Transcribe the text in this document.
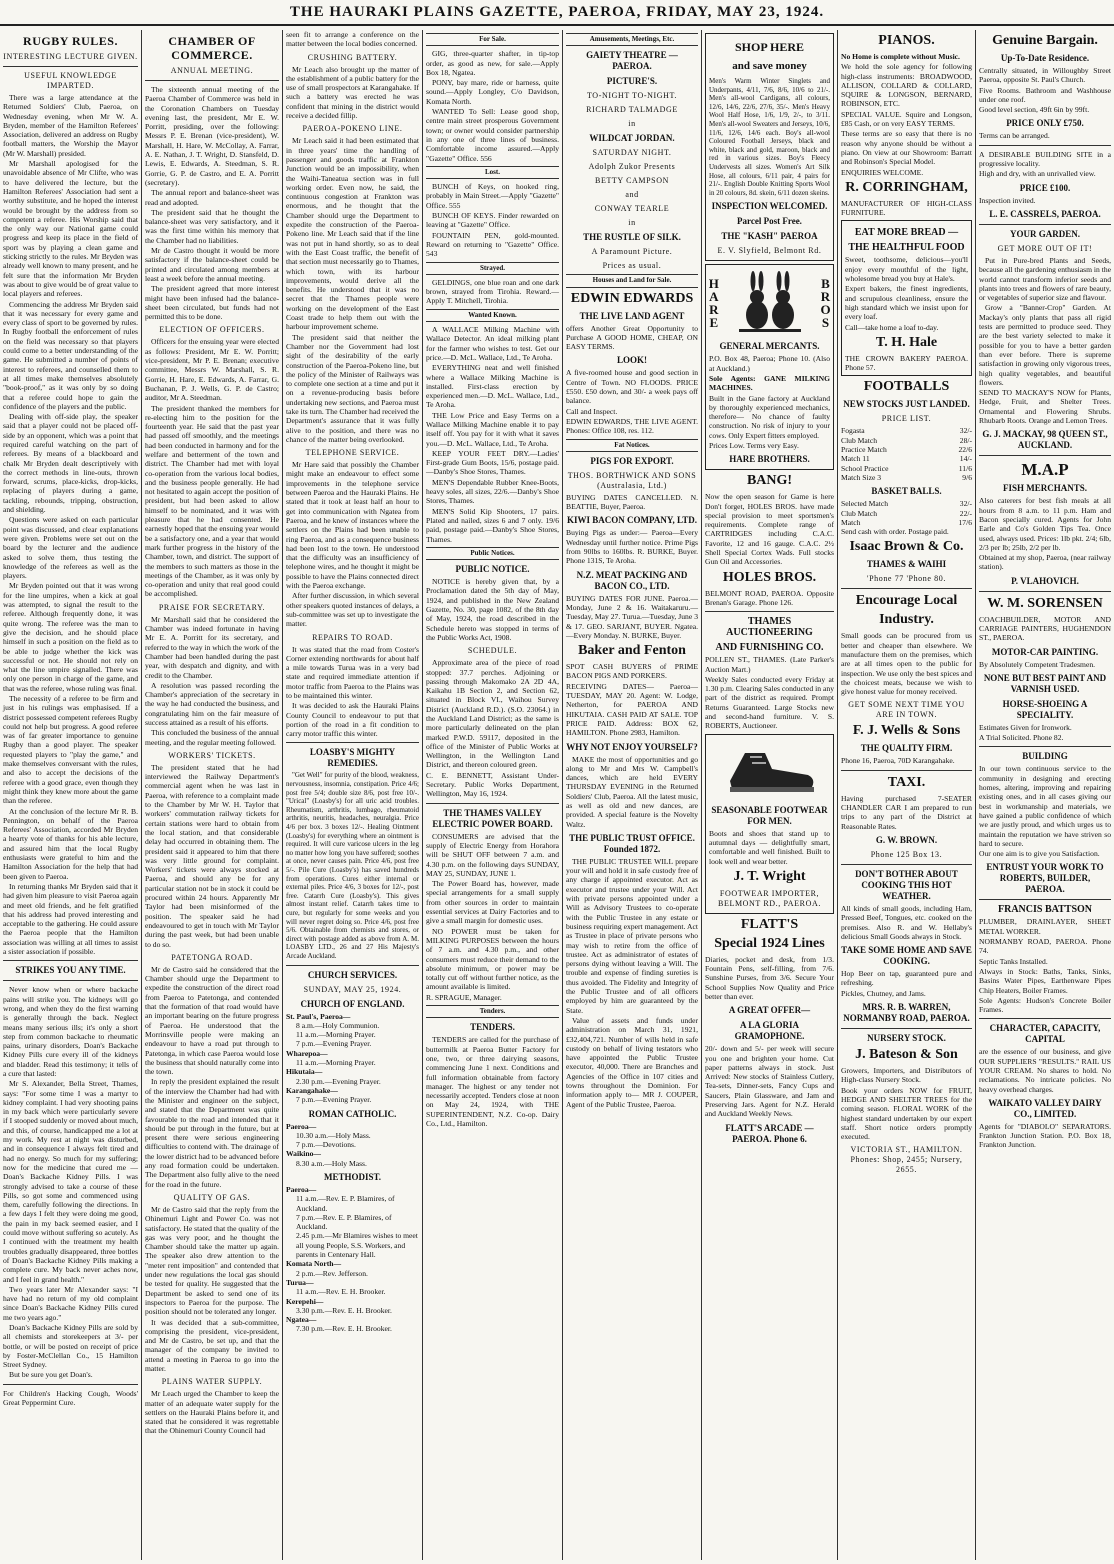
THE HAURAKI PLAINS GAZETTE, PAEROA, FRIDAY, MAY 23, 1924.
RUGBY RULES.
INTERESTING LECTURE GIVEN.
USEFUL KNOWLEDGE IMPARTED.

There was a large attendance at the Returned Soldiers' Club, Paeroa, on Wednesday evening, when Mr W. A. Bryden, member of the Hamilton Referees' Association, delivered an address on Rugby football matters, the Worship the Mayor (Mr W. Marshall) presided.

Mr Marshall apologised for the unavoidable absence of Mr Clifte, who was to have delivered the lecture, but the Hamilton Referees' Association had sent a worthy substitute, and he hoped the interest would be brought by the address from so competent a referee. His Worship said that the only way our National game could progress and keep its place in the field of sport was by playing a clean game and sticking strictly to the rules. Mr Bryden was already well known to many present, and he felt sure that the information Mr Bryden was about to give would be of great value to local players and referees.

Commencing the address Mr Bryden said that it was necessary for every game and every class of sport to be governed by rules. In Rugby football the enforcement of rules on the field was necessary so that players could come to a better understanding of the game. He submitted a number of points of interest to referees, and counselled them to at all times make themselves absolutely "book-proof," as it was only by so doing that a referee could hope to gain the confidence of the players and the public.

Dealing with off-side play, the speaker said that a player could not be placed off-side by an opponent, which was a point that required careful watching on the part of referees. By means of a blackboard and chalk Mr Bryden dealt descriptively with the correct methods in line-outs, thrown forward, scrums, place-kicks, drop-kicks, replacing of players during a game, tackling, rebounds, tripping, obstruction, and shielding.

Questions were asked on each particular point was discussed, and clear explanations were given. Problems were set out on the board by the lecturer and the audience asked to solve them, thus testing the knowledge of the referees as well as the players.

Mr Bryden pointed out that it was wrong for the line umpires, when a kick at goal was attempted, to signal the result to the referee. Although frequently done, it was quite wrong. The referee was the man to give the decision, and he should place himself in such a position on the field as to be able to judge whether the kick was successful or not. He should not rely on what the line umpire signalled. There was only one person in charge of the game, and that was the referee, whose ruling was final.

The necessity of a referee to be firm and just in his rulings was emphasised. If a district possessed competent referees Rugby could not help but progress. A good referee was of far greater importance to genuine Rugby than a good player. The speaker requested players to "play the game," and make themselves conversant with the rules, and also to accept the decisions of the referee with a good grace, even though they might think they knew more about the game than the referee.

At the conclusion of the lecture Mr R. B. Pennington, on behalf of the Paeroa Referees' Association, accorded Mr Bryden a hearty vote of thanks for his able lecture, and assured him that the local Rugby enthusiasts were grateful to him and the Hamilton Association for the help that had been given to Paeroa.

In returning thanks Mr Bryden said that it had given him pleasure to visit Paeroa again and meet old friends, and he felt gratified that his address had proved interesting and acceptable to the gathering. He could assure the Paeroa people that the Hamilton association was willing at all times to assist a sister association if possible.

STRIKES YOU ANY TIME.

Never know when or where backache pains will strike you. The kidneys will go wrong, and when they do the first warning is generally through the back. Neglect means many serious ills; it's only a short step from common backache to rheumatic pains, urinary disorders, Doan's Backache Kidney Pills cure every ill of the kidneys and bladder. Read this testimony; it tells of a cure that lasted:

Mr S. Alexander, Bella Street, Thames, says: "For some time I was a martyr to kidney complaint. I had very shooting pains in my back which were particularly severe if I stooped suddenly or moved about much, and this, of course, handicapped me a lot at my work. My rest at night was disturbed, and in consequence I always felt tired and had no energy. So much for my suffering; now for the medicine that cured me — Doan's Backache Kidney Pills. I was strongly advised to take a course of these Pills, so got some and commenced using them, carefully following the directions. In a few days I felt they were doing me good, the pain in my back seemed easier, and I could move without suffering so acutely. As I continued with the treatment my health troubles gradually disappeared, three bottles of Doan's Backache Kidney Pills making a complete cure. My back never aches now, and I feel in grand health."

Two years later Mr Alexander says: "I have had no return of my old complaint since Doan's Backache Kidney Pills cured me two years ago."

Doan's Backache Kidney Pills are sold by all chemists and storekeepers at 3/- per bottle, or will be posted on receipt of price by Foster-McClellan Co., 15 Hamilton Street Sydney.

But be sure you get Doan's.

For Children's Hacking Cough, Woods' Great Peppermint Cure.

CHAMBER OF COMMERCE.
ANNUAL MEETING.

The sixteenth annual meeting of the Paeroa Chamber of Commerce was held in the Coronation Chambers on Tuesday evening last, the president, Mr E. W. Porritt, presiding, over the following: Messrs P. E. Brenan (vice-president), W. Marshall, H. Hare, W. McCollay, A. Farrar, A. E. Nathan, J. T. Wright, D. Stansfeld, D. Lewis, E. Edwards, A. Steedman, S. R. Gorrie, G. P. de Castro, and E. A. Porritt (secretary).

The annual report and balance-sheet was read and adopted.

The president said that he thought the balance-sheet was very satisfactory, and it was the first time within his memory that the Chamber had no liabilities.

Mr de Castro thought it would be more satisfactory if the balance-sheet could be printed and circulated among members at least a week before the annual meeting.

The president agreed that more interest might have been infused had the balance-sheet been circulated, but funds had not permitted this to be done.

ELECTION OF OFFICERS.

Officers for the ensuing year were elected as follows: President, Mr E. W. Porritt; vice-president, Mr P. E. Brenan; executive committee, Messrs W. Marshall, S. R. Gorrie, H. Hare, E. Edwards, A. Farrar, G. Buchanan, P. J. Wells, G. P. de Castro; auditor, Mr A. Steedman.

The president thanked the members for re-electing him to the position for the fourteenth year. He said that the past year had passed off smoothly, and the meetings had been conducted in harmony and for the welfare and betterment of the town and district. The Chamber had met with loyal co-operation from the various local bodies, and the business people generally. He had not hesitated to again accept the position of president, but had been asked to allow himself to be nominated, and it was with pleasure that he had consented. He earnestly hoped that the ensuing year would be a satisfactory one, and a year that would mark further progress in the history of the Chamber, town, and district. The support of the members to such matters as those in the meetings of the Chamber, as it was only by co-operation and unity that real good could be accomplished.

PRAISE FOR SECRETARY.

Mr Marshall said that he considered the Chamber was indeed fortunate in having Mr E. A. Porritt for its secretary, and referred to the way in which the work of the Chamber had been handled during the past year, with despatch and dignity, and with credit to the Chamber.

A resolution was passed recording the Chamber's appreciation of the secretary in the way he had conducted the business, and congratulating him on the fair measure of success attained as a result of his efforts.

This concluded the business of the annual meeting, and the regular meeting followed.

WORKERS' TICKETS.

The president stated that he had interviewed the Railway Department's commercial agent when he was last in Paeroa, with reference to a complaint made to the Chamber by Mr W. H. Taylor that workers' commutation railway tickets for certain stations were hard to obtain from the local station, and that considerable delay had occurred in obtaining them. The president said it appeared to him that there was very little ground for complaint. Workers' tickets were always stocked at Paeroa, and should any be for any particular station not be in stock it could be procured within 24 hours. Apparently Mr Taylor had been misinformed of the position. The speaker said he had endeavoured to get in touch with Mr Taylor during the past week, but had been unable to do so.

PATETONGA ROAD.

Mr de Castro said he considered that the Chamber should urge the Department to expedite the construction of the direct road from Paeroa to Patetonga, and contended that the formation of that road would have an important bearing on the future progress of Paeroa. He understood that the Morrinsville people were making an endeavour to have a road put through to Patetonga, in which case Paeroa would lose the business that should naturally come into the town.

In reply the president explained the result of the interview the Chamber had had with the Minister and engineer on the subject, and stated that the Department was quite favourable to the road and intended that it should be put through in the future, but at present there were serious engineering difficulties to contend with. The drainage of the lower district had to be advanced before any road formation could be undertaken. The Department also fully alive to the need for the road in the future.

QUALITY OF GAS.

Mr de Castro said that the reply from the Ohinemuri Light and Power Co. was not satisfactory. He stated that the quality of the gas was very poor, and he thought the Chamber should take the matter up again. The speaker also drew attention to the "meter rent imposition" and contended that under new regulations the local gas should be tested for quality. He suggested that the Department be asked to send one of its inspectors to Paeroa for the purpose. The position should not be tolerated any longer.

It was decided that a sub-committee, comprising the president, vice-president, and Mr de Castro, be set up, and that the manager of the company be invited to attend a meeting in Paeroa to go into the matter.

PLAINS WATER SUPPLY.

Mr Leach urged the Chamber to keep the matter of an adequate water supply for the settlers on the Hauraki Plains before it, and stated that he considered it was regrettable that the Ohinemuri County Council had

seen fit to arrange a conference on the matter between the local bodies concerned.

CRUSHING BATTERY.

Mr Leach also brought up the matter of the establishment of a public battery for the use of small prospectors at Karangahake. If such a battery was erected he was confident that mining in the district would receive a decided fillip.

PAEROA-POKENO LINE.

Mr Leach said it had been estimated that in three years' time the handling of passenger and goods traffic at Frankton Junction would be an impossibility, when the Waihi-Taneatua section was in full working order. Even now, he said, the continuous congestion at Frankton was enormous, and he thought that the Chamber should urge the Department to expedite the construction of the Paeroa-Pokeno line. Mr Leach said that if the line was not put in hand shortly, so as to deal with the East Coast traffic, the benefit of that section must necessarily go to Thames, which town, with its harbour improvements, would derive all the benefits. He understood that it was no secret that the Thames people were working on the development of the East Coast trade to help them out with the harbour improvement scheme.

The president said that neither the Chamber nor the Government had lost sight of the desirability of the early construction of the Paeroa-Pokeno line, but the policy of the Minister of Railways was to complete one section at a time and put it on a revenue-producing basis before undertaking new sections, and Paeroa must take its turn. The Chamber had received the Department's assurance that it was fully alive to the position, and there was no chance of the matter being overlooked.

TELEPHONE SERVICE.

Mr Hare said that possibly the Chamber might make an endeavour to effect some improvements in the telephone service between Paeroa and the Hauraki Plains. He stated that it took at least half an hour to get into communication with Ngatea from Paeroa, and he knew of instances where the settlers on the Plains had been unable to ring Paeroa, and as a consequence business had been lost to the town. He understood that the difficulty was an insufficiency of telephone wires, and he thought it might be possible to have the Plains connected direct with the Paeroa exchange.

After further discussion, in which several other speakers quoted instances of delays, a sub-committee was set up to investigate the matter.

REPAIRS TO ROAD.

It was stated that the road from Coster's Corner extending northwards for about half a mile towards Turua was in a very bad state and required immediate attention if motor traffic from Paeroa to the Plains was to be maintained this winter.

It was decided to ask the Hauraki Plains County Council to endeavour to put that portion of the road in a fit condition to carry motor traffic this winter.

LOASBY'S MIGHTY REMEDIES.

"Get Well" for purity of the blood, weakness, nervousness, insomnia, constipation. Price 4/6; post free 5/4; double size 8/6, post free 10/-. "Urical" (Loasby's) for all uric acid troubles. Rheumatism, arthritis, lumbago, rheumatoid arthritis, neuritis, headaches, neuralgia. Price 4/6 per box. 3 boxes 12/-. Healing Ointment (Loasby's) for everything where an ointment is required. It will cure varicose ulcers in the leg no matter how long you have suffered; soothes at once, never causes pain. Price 4/6, post free 5/-. Pile Cure (Loasby's) has saved hundreds from operations. Cures either internal or external piles. Price 4/6, 3 boxes for 12/-, post free. Catarrh Cure (Loasby's). This gives almost instant relief. Catarrh takes time to cure, but regularly for some weeks and you will never regret doing so. Price 4/6, post free 5/6. Obtainable from chemists and stores, or direct with postage added as above from A. M. LOASBY LTD., 26 and 27 His Majesty's Arcade Auckland.

CHURCH SERVICES.
SUNDAY, MAY 25, 1924.
CHURCH OF ENGLAND.
St. Paul's, Paeroa—
8 a.m.—Holy Communion.
11 a.m.—Morning Prayer.
7 p.m.—Evening Prayer.
Wharepoa—
11 a.m.—Morning Prayer.
Hikutaia—
2.30 p.m.—Evening Prayer.
Karangahake—
7 p.m.—Evening Prayer.
ROMAN CATHOLIC.
Paeroa—
10.30 a.m.—Holy Mass.
7 p.m.—Devotions.
Waikino—
8.30 a.m.—Holy Mass.
METHODIST.
Paeroa—
11 a.m.—Rev. E. P. Blamires, of Auckland.
7 p.m.—Rev. E. P. Blamires, of Auckland.
2.45 p.m.—Mr Blamires wishes to meet all young People, S.S. Workers, and parents in Centenary Hall.
Komata North—
2 p.m.—Rev. Jefferson.
Turua—
11 a.m.—Rev. E. H. Brooker.
Kerepehi—
3.30 p.m.—Rev. E. H. Brooker.
Ngatea—
7.30 p.m.—Rev. E. H. Brooker.
For Sale.

GIG, three-quarter shafter, in tip-top order, as good as new, for sale.—Apply Box 18, Ngatea.

PONY, bay mare, ride or harness, quite sound.—Apply Longley, C/o Davidson, Komata North.

WANTED To Sell: Lease good shop, centre main street prosperous Government town; or owner would consider partnership in any one of three lines of business. Comfortable income assured.—Apply "Gazette" Office. 556

Lost.

BUNCH of Keys, on hooked ring, probably in Main Street.—Apply "Gazette" Office. 555

BUNCH OF KEYS. Finder rewarded on leaving at "Gazette" Office.

FOUNTAIN PEN, gold-mounted. Reward on returning to "Gazette" Office. 543

Strayed.

GELDINGS, one blue roan and one dark brown, strayed from Tirohia. Reward.—Apply T. Mitchell, Tirohia.

Wanted Known.

A WALLACE Milking Machine with Wallace Detector. An ideal milking plant for the farmer who wishes to test. Get our price.—D. McL. Wallace, Ltd., Te Aroha.

EVERYTHING neat and well finished where a Wallace Milking Machine is installed. First-class erection by experienced men.—D. McL. Wallace, Ltd., Te Aroha.

THE Low Price and Easy Terms on a Wallace Milking Machine enable it to pay itself off. You pay for it with what it saves you.—D. McL. Wallace, Ltd., Te Aroha.

KEEP YOUR FEET DRY.—Ladies' First-grade Gum Boots, 15/6, postage paid.—Danby's Shoe Stores, Thames.

MEN'S Dependable Rubber Knee-Boots, heavy soles, all sizes, 22/6.—Danby's Shoe Stores, Thames.

MEN'S Solid Kip Shooters, 17 pairs. Plated and nailed, sizes 6 and 7 only. 19/6 paid, postage paid.—Danby's Shoe Stores, Thames.

Public Notices.
PUBLIC NOTICE.

NOTICE is hereby given that, by a Proclamation dated the 5th day of May, 1924, and published in the New Zealand Gazette, No. 30, page 1082, of the 8th day of May, 1924, the road described in the Schedule hereto was stopped in terms of the Public Works Act, 1908.

SCHEDULE.

Approximate area of the piece of road stopped: 37.7 perches. Adjoining or passing through Makomako 2A 2D 4A, Kaikahu 1B Section 2, and Section 62, situated in Block VI., Waihou Survey District (Auckland R.D.). (S.O. 23064.) in the Auckland Land District; as the same is more particularly delineated on the plan marked P.W.D. 59117, deposited in the office of the Minister of Public Works at Wellington, in the Wellington Land District, and thereon coloured green.

C. E. BENNETT, Assistant Under-Secretary. Public Works Department, Wellington, May 16, 1924.

THE THAMES VALLEY ELECTRIC POWER BOARD.

CONSUMERS are advised that the supply of Electric Energy from Horahora will be SHUT OFF between 7 a.m. and 4.30 p.m. on the following days SUNDAY, MAY 25, SUNDAY, JUNE 1.

The Power Board has, however, made special arrangements for a small supply from other sources in order to maintain essential services at Dairy Factories and to give a small margin for domestic uses.

NO POWER must be taken for MILKING PURPOSES between the hours of 7 a.m. and 4.30 p.m., and other consumers must reduce their demand to the absolute minimum, or power may be totally cut off without further notice, as the amount available is limited.

R. SPRAGUE, Manager.

Tenders.
TENDERS.

TENDERS are called for the purchase of buttermilk at Paeroa Butter Factory for one, two, or three dairying seasons, commencing June 1 next. Conditions and full information obtainable from factory manager. The highest or any tender not necessarily accepted. Tenders close at noon on May 24, 1924, with THE SUPERINTENDENT, N.Z. Co-op. Dairy Co., Ltd., Hamilton.

Amusements, Meetings, Etc.
GAIETY THEATRE — PAEROA.
PICTURE'S.
TO-NIGHT TO-NIGHT.
RICHARD TALMADGE
in
WILDCAT JORDAN.
SATURDAY NIGHT.
Adolph Zukor Presents
BETTY CAMPSON
and
CONWAY TEARLE
in
THE RUSTLE OF SILK.
A Paramount Picture.
Prices as usual.
Houses and Land for Sale.
EDWIN EDWARDS
THE LIVE LAND AGENT

offers Another Great Opportunity to Purchase A GOOD HOME, CHEAP, ON EASY TERMS.

LOOK!

A five-roomed house and good section in Centre of Town. NO FLOODS. PRICE £550. £50 down, and 30/- a week pays off balance.

Call and Inspect.

EDWIN EDWARDS, THE LIVE AGENT. Phones: Office 108, res. 112.

Fat Notices.
PIGS FOR EXPORT.
THOS. BORTHWICK AND SONS (Australasia, Ltd.)

BUYING DATES CANCELLED. N. BEATTIE, Buyer, Paeroa.

KIWI BACON COMPANY, LTD.

Buying Pigs as under:— Paeroa—Every Wednesday until further notice. Prime Pigs from 90lbs to 160lbs. R. BURKE, Buyer. Phone 131S, Te Aroha.

N.Z. MEAT PACKING AND BACON CO., LTD.

BUYING DATES FOR JUNE. Paeroa.—Monday, June 2 & 16. Waitakaruru.—Tuesday, May 27. Turua.—Tuesday, June 3 & 17. GEO. SARJANT, BUYER. Ngatea.—Every Monday. N. BURKE, Buyer.

Baker and Fenton

SPOT CASH BUYERS of PRIME BACON PIGS AND PORKERS.

RECEIVING DATES— Paeroa— TUESDAY, MAY 20. Agent: W. Lodge, Netherton, for PAEROA AND HIKUTAIA. CASH PAID AT SALE. TOP PRICE PAID. Address: BOX 62, HAMILTON. Phone 2983, Hamilton.

WHY NOT ENJOY YOURSELF?

MAKE the most of opportunities and go along to Mr and Mrs W. Campbell's dances, which are held EVERY THURSDAY EVENING in the Returned Soldiers' Club, Paeroa. All the latest music, as well as old and new dances, are provided. A special feature is the Novelty Waltz.

THE PUBLIC TRUST OFFICE. Founded 1872.

THE PUBLIC TRUSTEE WILL prepare your will and hold it in safe custody free of any charge if appointed executor. Act as executor and trustee under your Will. Act with private persons appointed under a Will as Advisory Trustees to co-operate with the Public Trustee in any estate or business requiring expert management. Act as Trustee in place of private persons who may wish to retire from the office of trustee. Act as administrator of estates of persons dying without leaving a Will. The trouble and expense of finding sureties is thus avoided. The Fidelity and Integrity of the Public Trustee and of all officers employed by him are guaranteed by the State.

Value of assets and funds under administration on March 31, 1921, £32,404,721. Number of wills held in safe custody on behalf of living testators who have appointed the Public Trustee executor, 40,000. There are Branches and Agencies of the Office in 107 cities and towns throughout the Dominion. For information apply to— MR J. COUPER, Agent of the Public Trustee, Paeroa.

SHOP HERE
and save money

Men's Warm Winter Singlets and Underpants, 4/11, 7/6, 8/6, 10/6 to 21/-. Men's all-wool Cardigans, all colours, 12/6, 14/6, 22/6, 27/6, 35/-. Men's Heavy Wool Half Hose, 1/6, 1/9, 2/-, to 3/11. Men's all-wool Sweaters and Jerseys, 10/6, 11/6, 12/6, 14/6 each. Boy's all-wool Coloured Football Jerseys, black and white, black and gold, maroon, black and red in various sizes. Boy's Fleecy Undervests all sizes. Women's Art Silk Hose, all colours, 6/11 pair, 4 pairs for 21/-. English Double Knitting Sports Wool in 20 colours, 8d. skein, 6/11 dozen skeins.

INSPECTION WELCOMED.
Parcel Post Free.
THE "KASH" PAEROA
E. V. Slyfield, Belmont Rd.
HARE	BROS
GENERAL MERCANTS.

P.O. Box 48, Paeroa; Phone 10. (Also at Auckland.)

Sole Agents: GANE MILKING MACHINES.

Built in the Gane factory at Auckland by thoroughly experienced mechanics, therefore— No chance of faulty construction. No risk of injury to your cows. Only Expert fitters employed.

Prices Low. Terms very Easy.

HARE BROTHERS.
BANG!

Now the open season for Game is here Don't forget, HOLES BROS. have made special provision to meet sportsmen's requirements. Complete range of CARTRIDGES including C.A.C. Favorite, 12 and 16 gauge. C.A.C. 2½ Shell Special Cortex Wads. Full stocks Gun Oil and Accessories.

HOLES BROS.

BELMONT ROAD, PAEROA. Opposite Brenan's Garage. Phone 126.

THAMES AUCTIONEERING
AND FURNISHING CO.

POLLEN ST., THAMES. (Late Parker's Auction Mart.)

Weekly Sales conducted every Friday at 1.30 p.m. Clearing Sales conducted in any part of the district as required. Prompt Returns Guaranteed. Large Stocks new and second-hand furniture. V. S. ROBERTS, Auctioneer.

SEASONABLE FOOTWEAR FOR MEN.

Boots and shoes that stand up to autumnal days — delightfully smart, comfortable and well finished. Built to look well and wear better.

J. T. Wright
FOOTWEAR IMPORTER, BELMONT RD., PAEROA.
FLATT'S
Special 1924 Lines

Diaries, pocket and desk, from 1/3. Fountain Pens, self-filling, from 7/6. Sunshine Purses, from 3/6. Secure Your School Supplies Now Quality and Price better than ever.

A GREAT OFFER—
A LA GLORIA GRAMOPHONE.

20/- down and 5/- per week will secure you one and brighten your home. Cut paper patterns always in stock. Just Arrived: New stocks of Stainless Cutlery, Tea-sets, Dinner-sets, Fancy Cups and Saucers, Plain Glassware, and Jam and Preserving Jars. Agent for N.Z. Herald and Auckland Weekly News.

FLATT'S ARCADE — PAEROA. Phone 6.
PIANOS.

No Home is complete without Music.

We hold the sole agency for following high-class instruments: BROADWOOD, ALLISON, COLLARD & COLLARD, SQUIRE & LONGSON, BERNARD, ROBINSON, ETC.

SPECIAL VALUE. Squire and Longson, £85 Cash, or on very EASY TERMS.

These terms are so easy that there is no reason why anyone should be without a piano. On view at our Showroom: Barratt and Robinson's Special Model.

ENQUIRIES WELCOME.

R. CORRINGHAM,

MANUFACTURER OF HIGH-CLASS FURNITURE.

EAT MORE BREAD —
THE HEALTHFUL FOOD

Sweet, toothsome, delicious—you'll enjoy every mouthful of the light, wholesome bread you buy at Hale's.

Expert bakers, the finest ingredients, and scrupulous cleanliness, ensure the high standard which we insist upon for every loaf.

Call—take home a loaf to-day.

T. H. Hale

THE CROWN BAKERY PAEROA. Phone 57.

FOOTBALLS
NEW STOCKS JUST LANDED.
PRICE LIST.
Fogasta	32/-
Club Match	28/-
Practice Match	22/6
Match 11	14/-
School Practice	11/6
Match Size 3	9/6
BASKET BALLS.
Selected Match	32/-
Club Match	22/-
Match	17/6

Send cash with order. Postage paid.

Isaac Brown & Co.
THAMES & WAIHI
'Phone 77 'Phone 80.
Encourage Local
Industry.

Small goods can be procured from us better and cheaper than elsewhere. We manufacture them on the premises, which are at all times open to the public for inspection. We use only the best spices and the choicest meats, because we wish to give honest value for money received.

GET SOME NEXT TIME YOU ARE IN TOWN.
F. J. Wells & Sons
THE QUALITY FIRM.

Phone 16, Paeroa, 70D Karangahake.

TAXI.

Having purchased 7-SEATER CHANDLER CAR I am prepared to run trips to any part of the District at Reasonable Rates.

G. W. BROWN.
Phone 125 Box 13.
DON'T BOTHER ABOUT COOKING THIS HOT WEATHER.

All kinds of small goods, including Ham, Pressed Beef, Tongues, etc. cooked on the premises. Also R. and W. Hellaby's delicious Small Goods always in Stock.

TAKE SOME HOME AND SAVE COOKING.

Hop Beer on tap, guaranteed pure and refreshing.

Pickles, Chutney, and Jams.

MRS. R. B. WARREN, NORMANBY ROAD, PAEROA.
NURSERY STOCK.
J. Bateson & Son

Growers, Importers, and Distributors of High-class Nursery Stock.

Book your orders NOW for FRUIT, HEDGE AND SHELTER TREES for the coming season. FLORAL WORK of the highest standard undertaken by our expert staff. Short notice orders promptly executed.

VICTORIA ST., HAMILTON. Phones: Shop, 2455; Nursery, 2655.
Genuine Bargain.
Up-To-Date Residence.

Centrally situated, in Willoughby Street Paeroa, opposite St. Paul's Church.

Five Rooms. Bathroom and Washhouse under one roof.

Good level section, 49ft 6in by 99ft.

PRICE ONLY £750.

Terms can be arranged.

A DESIRABLE BUILDING SITE in a progressive locality.

High and dry, with an unrivalled view.

PRICE £100.

Inspection invited.

L. E. CASSRELS, PAEROA.
YOUR GARDEN.
GET MORE OUT OF IT!

Put in Pure-bred Plants and Seeds, because all the gardening enthusiasm in the world cannot transform inferior seeds and plants into trees and flowers of rare beauty, or vegetables of superior size and flavour.

Grow a "Banner-Crop" Garden. At Mackay's only plants that pass all rigid tests are permitted to produce seed. They are the best variety selected to make it possible for you to have a better garden than ever before. There is supreme satisfaction in growing only vigorous trees, high quality vegetables, and beautiful flowers.

SEND TO MACKAY'S NOW for Plants, Hedge, Fruit, and Shelter Trees. Ornamental and Flowering Shrubs. Rhubarb Roots. Orange and Lemon Trees.

G. J. MACKAY, 98 QUEEN ST., AUCKLAND.
M.A.P
FISH MERCHANTS.

Also caterers for best fish meals at all hours from 8 a.m. to 11 p.m. Ham and Bacon specially cured. Agents for John Earle and Co's Golden Tips Tea. Once used, always used. Prices: 1lb pkt. 2/4; 6lb, 2/3 per lb; 25lb, 2/2 per lb.

Obtained at my shop, Paeroa, (near railway station).

P. VLAHOVICH.
W. M. SORENSEN

COACHBUILDER, MOTOR AND CARRIAGE PAINTERS, HUGHENDON ST., PAEROA.

MOTOR-CAR PAINTING.

By Absolutely Competent Tradesmen.

NONE BUT BEST PAINT AND VARNISH USED.
HORSE-SHOEING A SPECIALITY.

Estimates Given for Ironwork.

A Trial Solicited. Phone 82.

BUILDING

In our town continuous service to the community in designing and erecting homes, altering, improving and repairing existing ones, and in all cases giving our best in workmanship and materials, we have gained a public confidence of which we are justly proud, and which urges us to maintain the reputation we have striven so hard to secure.

Our one aim is to give you Satisfaction.

ENTRUST YOUR WORK TO ROBERTS, BUILDER, PAEROA.
FRANCIS BATTSON

PLUMBER, DRAINLAYER, SHEET METAL WORKER.

NORMANBY ROAD, PAEROA. Phone 74.

Septic Tanks Installed.

Always in Stock: Baths, Tanks, Sinks, Basins Water Pipes, Earthenware Pipes Chip Heaters, Boiler Frames.

Sole Agents: Hudson's Concrete Boiler Frames.

CHARACTER, CAPACITY, CAPITAL

are the essence of our business, and give OUR SUPPLIERS "RESULTS." RAIL US YOUR CREAM. No shares to hold. No reclamations. No intricate policies. No heavy overhead charges.

WAIKATO VALLEY DAIRY CO., LIMITED.

Agents for "DIABOLO" SEPARATORS. Frankton Junction Station. P.O. Box 18, Frankton Junction.
